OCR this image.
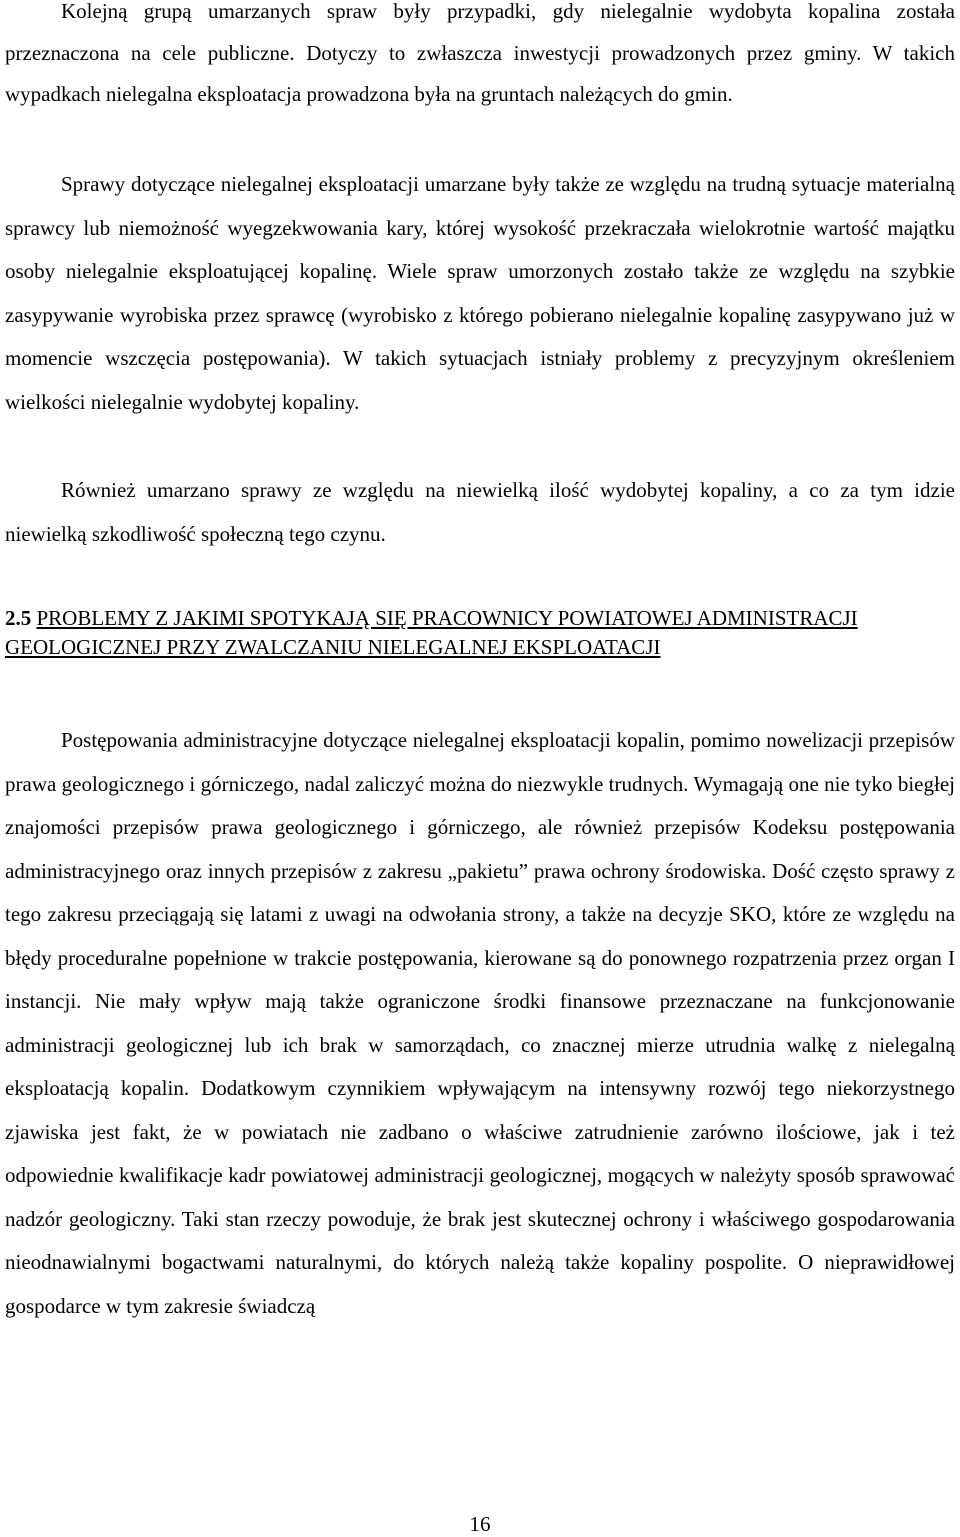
Kolejną grupą umarzanych spraw były przypadki, gdy nielegalnie wydobyta kopalina została przeznaczona na cele publiczne. Dotyczy to zwłaszcza inwestycji prowadzonych przez gminy. W takich wypadkach nielegalna eksploatacja prowadzona była na gruntach należących do gmin.

Sprawy dotyczące nielegalnej eksploatacji umarzane były także ze względu na trudną sytuacje materialną sprawcy lub niemożność wyegzekwowania kary, której wysokość przekraczała wielokrotnie wartość majątku osoby nielegalnie eksploatującej kopalinę. Wiele spraw umorzonych zostało także ze względu na szybkie zasypywanie wyrobiska przez sprawcę (wyrobisko z którego pobierano nielegalnie kopalinę zasypywano już w momencie wszczęcia postępowania). W takich sytuacjach istniały problemy z precyzyjnym określeniem wielkości nielegalnie wydobytej kopaliny.

Również umarzano sprawy ze względu na niewielką ilość wydobytej kopaliny, a co za tym idzie niewielką szkodliwość społeczną tego czynu.

2.5 PROBLEMY Z JAKIMI SPOTYKAJĄ SIĘ PRACOWNICY POWIATOWEJ ADMINISTRACJI GEOLOGICZNEJ PRZY ZWALCZANIU NIELEGALNEJ EKSPLOATACJI

Postępowania administracyjne dotyczące nielegalnej eksploatacji kopalin, pomimo nowelizacji przepisów prawa geologicznego i górniczego, nadal zaliczyć można do niezwykle trudnych. Wymagają one nie tyko biegłej znajomości przepisów prawa geologicznego i górniczego, ale również przepisów Kodeksu postępowania administracyjnego oraz innych przepisów z zakresu „pakietu” prawa ochrony środowiska. Dość często sprawy z tego zakresu przeciągają się latami z uwagi na odwołania strony, a także na decyzje SKO, które ze względu na błędy proceduralne popełnione w trakcie postępowania, kierowane są do ponownego rozpatrzenia przez organ I instancji. Nie mały wpływ mają także ograniczone środki finansowe przeznaczane na funkcjonowanie administracji geologicznej lub ich brak w samorządach, co znacznej mierze utrudnia walkę z nielegalną eksploatacją kopalin. Dodatkowym czynnikiem wpływającym na intensywny rozwój tego niekorzystnego zjawiska jest fakt, że w powiatach nie zadbano o właściwe zatrudnienie zarówno ilościowe, jak i też odpowiednie kwalifikacje kadr powiatowej administracji geologicznej, mogących w należyty sposób sprawować nadzór geologiczny. Taki stan rzeczy powoduje, że brak jest skutecznej ochrony i właściwego gospodarowania nieodnawialnymi bogactwami naturalnymi, do których należą także kopaliny pospolite. O nieprawidłowej gospodarce w tym zakresie świadczą

16
